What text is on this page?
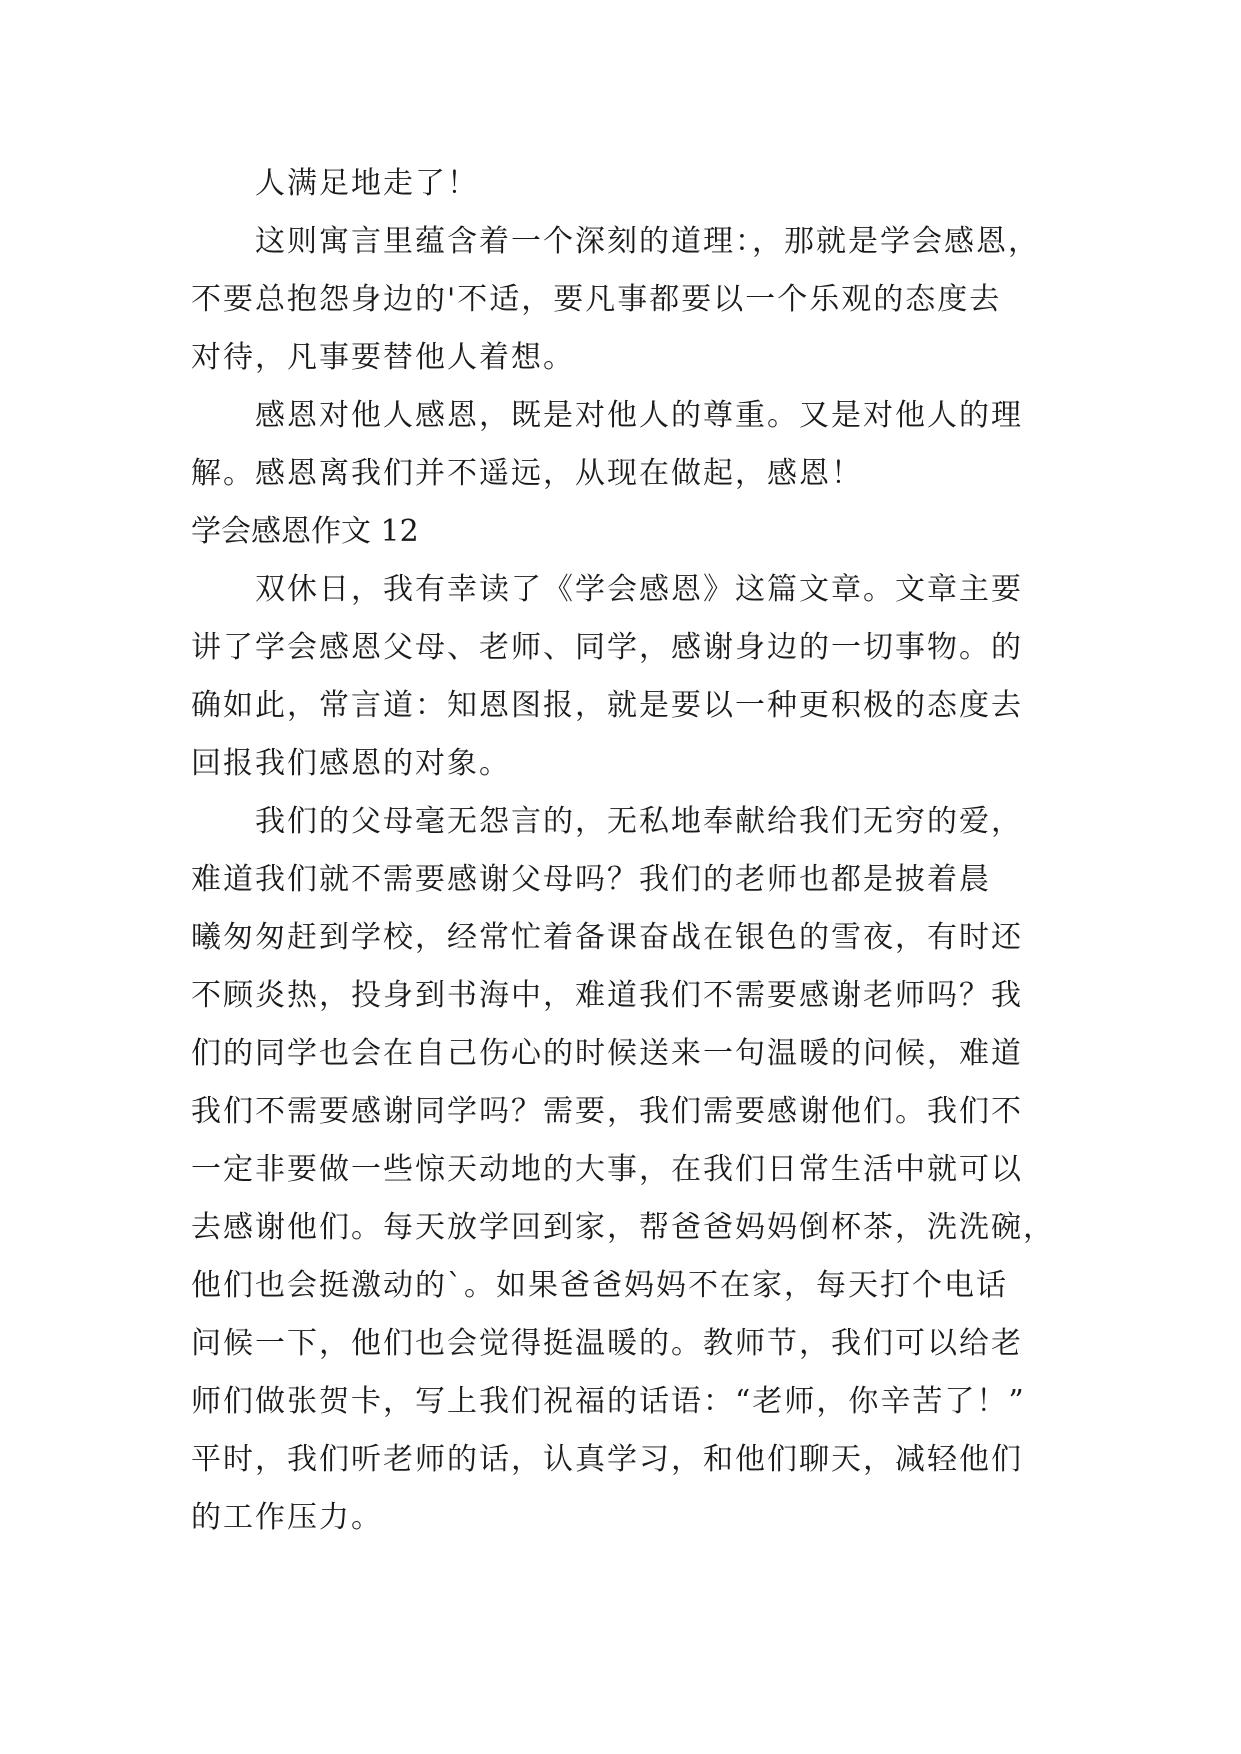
人满足地走了！
这则寓言里蕴含着一个深刻的道理：，那就是学会感恩，
不要总抱怨身边的'不适，要凡事都要以一个乐观的态度去
对待，凡事要替他人着想。
感恩对他人感恩，既是对他人的尊重。又是对他人的理
解。感恩离我们并不遥远，从现在做起，感恩！
学会感恩作文 12
双休日，我有幸读了《学会感恩》这篇文章。文章主要
讲了学会感恩父母、老师、同学，感谢身边的一切事物。的
确如此，常言道：知恩图报，就是要以一种更积极的态度去
回报我们感恩的对象。
我们的父母毫无怨言的，无私地奉献给我们无穷的爱，
难道我们就不需要感谢父母吗？我们的老师也都是披着晨
曦匆匆赶到学校，经常忙着备课奋战在银色的雪夜，有时还
不顾炎热，投身到书海中，难道我们不需要感谢老师吗？我
们的同学也会在自己伤心的时候送来一句温暖的问候，难道
我们不需要感谢同学吗？需要，我们需要感谢他们。我们不
一定非要做一些惊天动地的大事，在我们日常生活中就可以
去感谢他们。每天放学回到家，帮爸爸妈妈倒杯茶，洗洗碗，
他们也会挺激动的`。如果爸爸妈妈不在家，每天打个电话
问候一下，他们也会觉得挺温暖的。教师节，我们可以给老
师们做张贺卡，写上我们祝福的话语：“老师，你辛苦了！”
平时，我们听老师的话，认真学习，和他们聊天，减轻他们
的工作压力。
